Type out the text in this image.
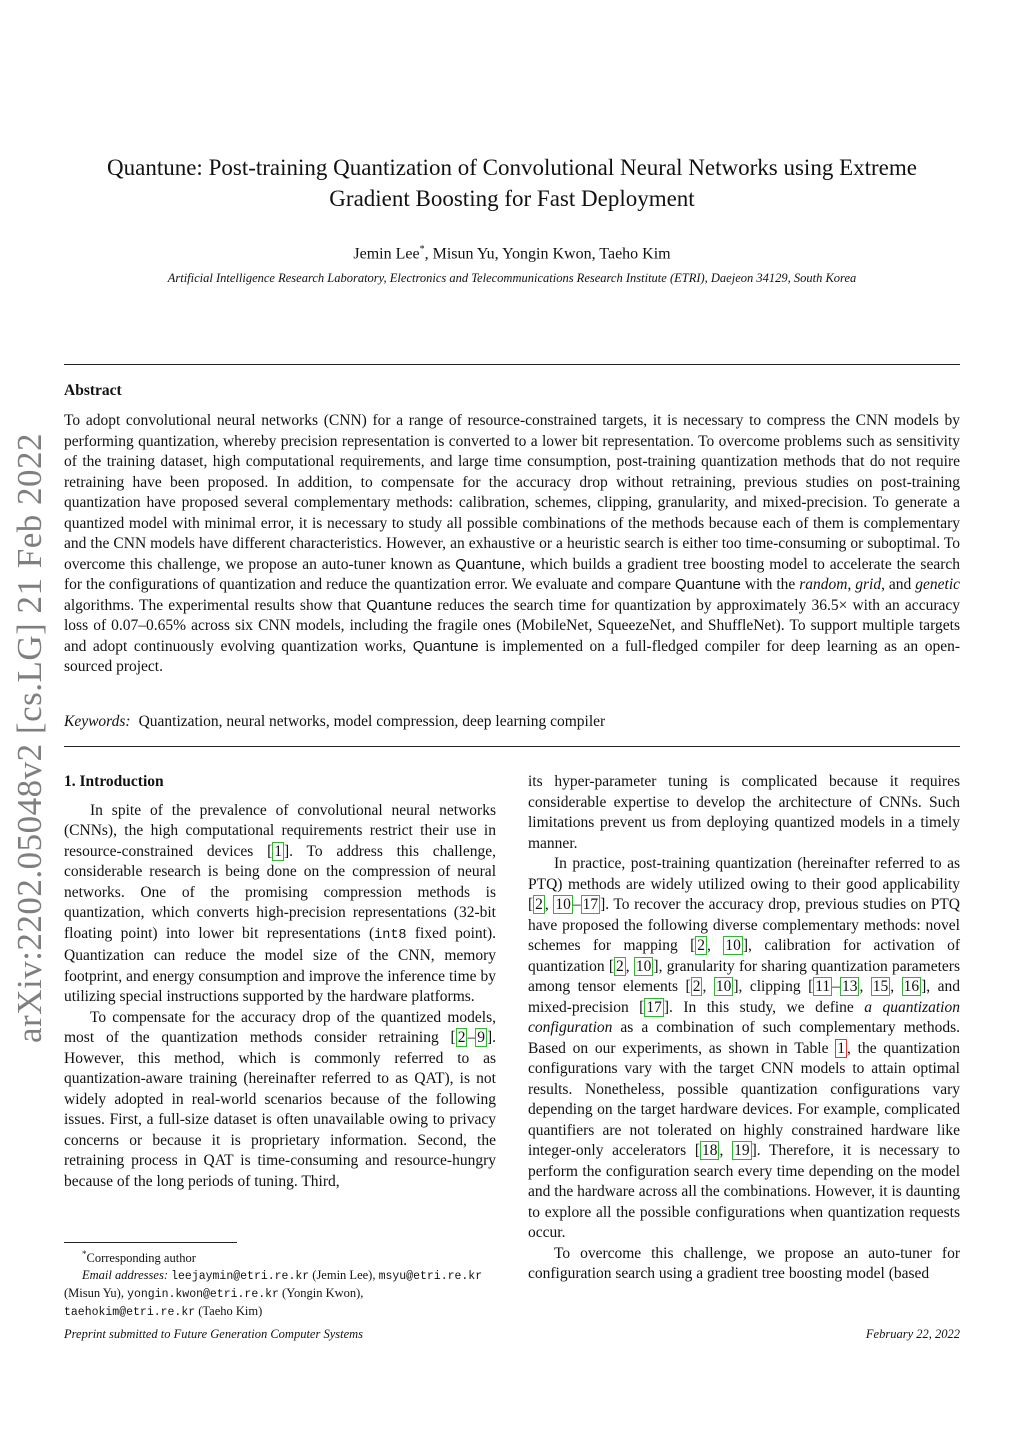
arXiv:2202.05048v2 [cs.LG] 21 Feb 2022
Quantune: Post-training Quantization of Convolutional Neural Networks using Extreme
Gradient Boosting for Fast Deployment
Jemin Lee*, Misun Yu, Yongin Kwon, Taeho Kim
Artificial Intelligence Research Laboratory, Electronics and Telecommunications Research Institute (ETRI), Daejeon 34129, South Korea
Abstract
To adopt convolutional neural networks (CNN) for a range of resource-constrained targets, it is necessary to compress the CNN models by performing quantization, whereby precision representation is converted to a lower bit representation. To overcome problems such as sensitivity of the training dataset, high computational requirements, and large time consumption, post-training quantization methods that do not require retraining have been proposed. In addition, to compensate for the accuracy drop without retraining, previous studies on post-training quantization have proposed several complementary methods: calibration, schemes, clipping, granularity, and mixed-precision. To generate a quantized model with minimal error, it is necessary to study all possible combinations of the methods because each of them is complementary and the CNN models have different characteristics. However, an exhaustive or a heuristic search is either too time-consuming or suboptimal. To overcome this challenge, we propose an auto-tuner known as Quantune, which builds a gradient tree boosting model to accelerate the search for the configurations of quantization and reduce the quantization error. We evaluate and compare Quantune with the random, grid, and genetic algorithms. The experimental results show that Quantune reduces the search time for quantization by approximately 36.5× with an accuracy loss of 0.07–0.65% across six CNN models, including the fragile ones (MobileNet, SqueezeNet, and ShuffleNet). To support multiple targets and adopt continuously evolving quantization works, Quantune is implemented on a full-fledged compiler for deep learning as an open-sourced project.
Keywords: Quantization, neural networks, model compression, deep learning compiler
1. Introduction

In spite of the prevalence of convolutional neural networks (CNNs), the high computational requirements restrict their use in resource-constrained devices [ 1 ]. To address this challenge, considerable research is being done on the compression of neural networks. One of the promising compression methods is quantization, which converts high-precision representations (32-bit floating point) into lower bit representations (int8 fixed point). Quantization can reduce the model size of the CNN, memory footprint, and energy consumption and improve the inference time by utilizing special instructions supported by the hardware platforms.

To compensate for the accuracy drop of the quantized models, most of the quantization methods consider retraining [ 2 – 9 ]. However, this method, which is commonly referred to as quantization-aware training (hereinafter referred to as QAT), is not widely adopted in real-world scenarios because of the following issues. First, a full-size dataset is often unavailable owing to privacy concerns or because it is proprietary information. Second, the retraining process in QAT is time-consuming and resource-hungry because of the long periods of tuning. Third,

its hyper-parameter tuning is complicated because it requires considerable expertise to develop the architecture of CNNs. Such limitations prevent us from deploying quantized models in a timely manner.

In practice, post-training quantization (hereinafter referred to as PTQ) methods are widely utilized owing to their good applicability [ 2 , 10 – 17 ]. To recover the accuracy drop, previous studies on PTQ have proposed the following diverse complementary methods: novel schemes for mapping [ 2 , 10 ], calibration for activation of quantization [ 2 , 10 ], granularity for sharing quantization parameters among tensor elements [ 2 , 10 ], clipping [ 11 – 13 , 15 , 16 ], and mixed-precision [ 17 ]. In this study, we define a quantization configuration as a combination of such complementary methods. Based on our experiments, as shown in Table 1 , the quantization configurations vary with the target CNN models to attain optimal results. Nonetheless, possible quantization configurations vary depending on the target hardware devices. For example, complicated quantifiers are not tolerated on highly constrained hardware like integer-only accelerators [ 18 , 19 ]. Therefore, it is necessary to perform the configuration search every time depending on the model and the hardware across all the combinations. However, it is daunting to explore all the possible configurations when quantization requests occur.

To overcome this challenge, we propose an auto-tuner for configuration search using a gradient tree boosting model (based

*Corresponding author
Email addresses: leejaymin@etri.re.kr (Jemin Lee), msyu@etri.re.kr (Misun Yu), yongin.kwon@etri.re.kr (Yongin Kwon), taehokim@etri.re.kr (Taeho Kim)
Preprint submitted to Future Generation Computer Systems	February 22, 2022
